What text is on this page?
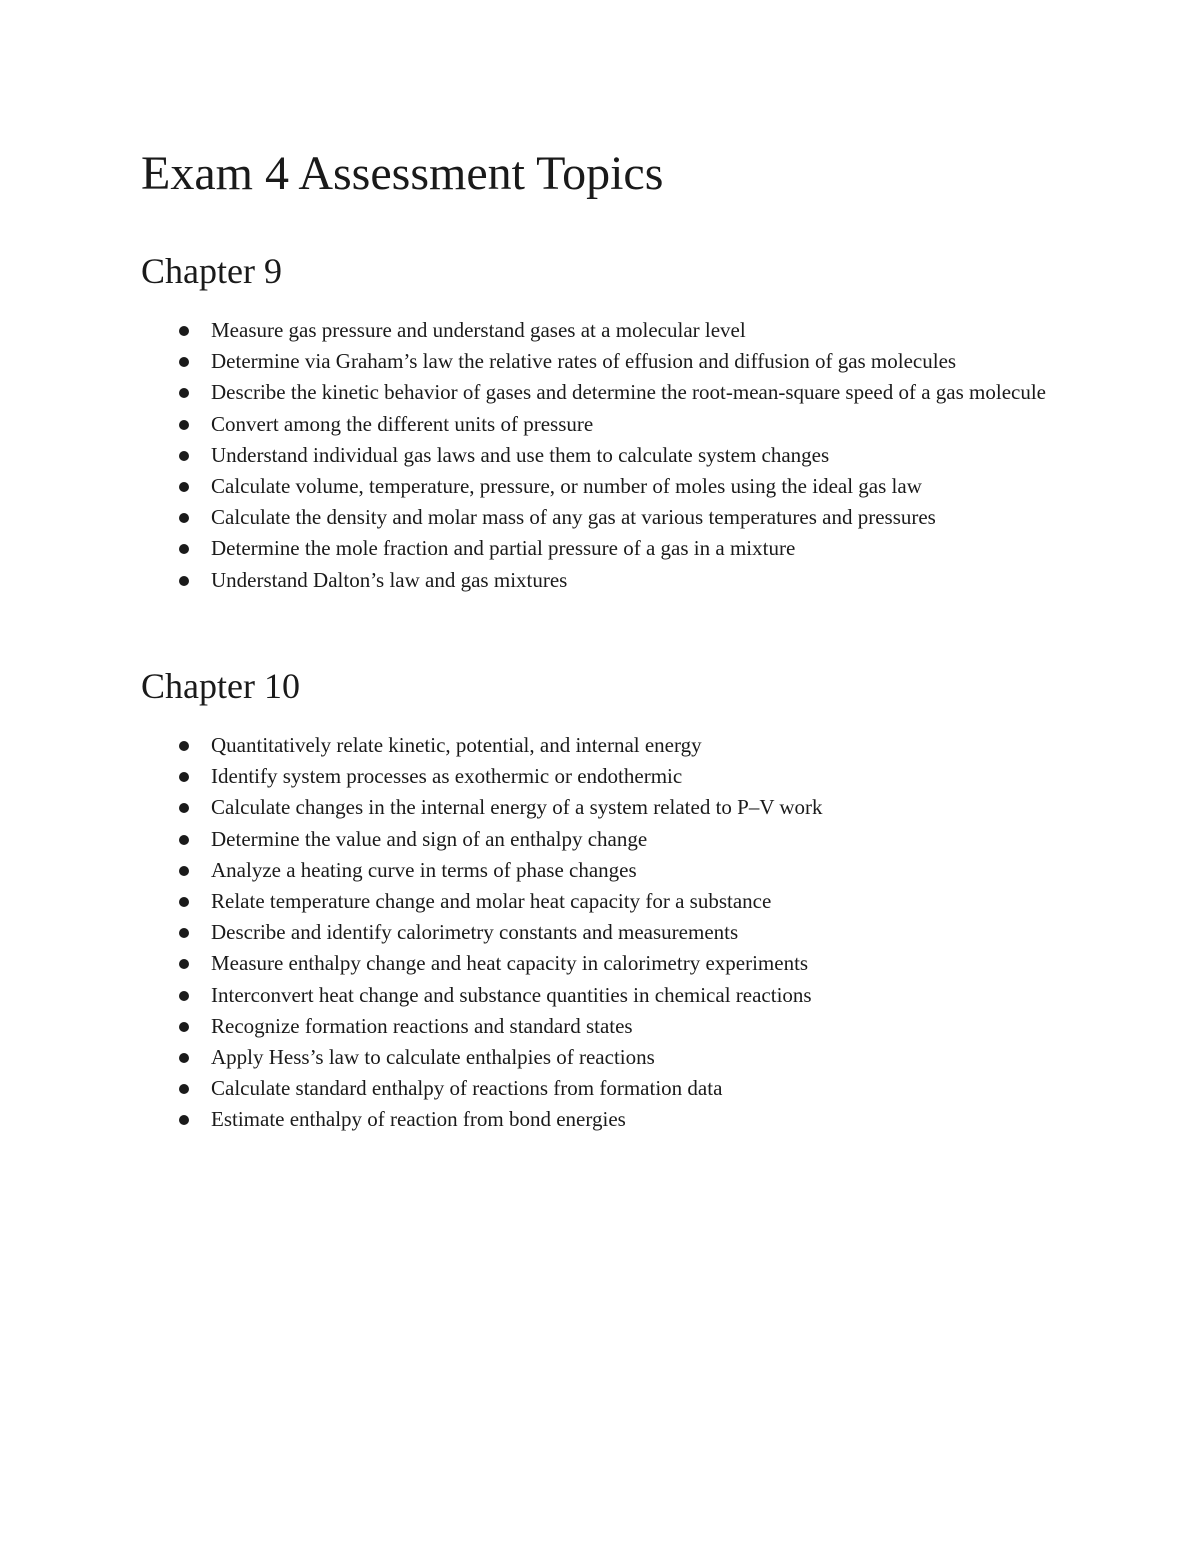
Exam 4 Assessment Topics
Chapter 9
Measure gas pressure and understand gases at a molecular level
Determine via Graham’s law the relative rates of effusion and diffusion of gas molecules
Describe the kinetic behavior of gases and determine the root-mean-square speed of a gas molecule
Convert among the different units of pressure
Understand individual gas laws and use them to calculate system changes
Calculate volume, temperature, pressure, or number of moles using the ideal gas law
Calculate the density and molar mass of any gas at various temperatures and pressures
Determine the mole fraction and partial pressure of a gas in a mixture
Understand Dalton’s law and gas mixtures
Chapter 10
Quantitatively relate kinetic, potential, and internal energy
Identify system processes as exothermic or endothermic
Calculate changes in the internal energy of a system related to P–V work
Determine the value and sign of an enthalpy change
Analyze a heating curve in terms of phase changes
Relate temperature change and molar heat capacity for a substance
Describe and identify calorimetry constants and measurements
Measure enthalpy change and heat capacity in calorimetry experiments
Interconvert heat change and substance quantities in chemical reactions
Recognize formation reactions and standard states
Apply Hess’s law to calculate enthalpies of reactions
Calculate standard enthalpy of reactions from formation data
Estimate enthalpy of reaction from bond energies
